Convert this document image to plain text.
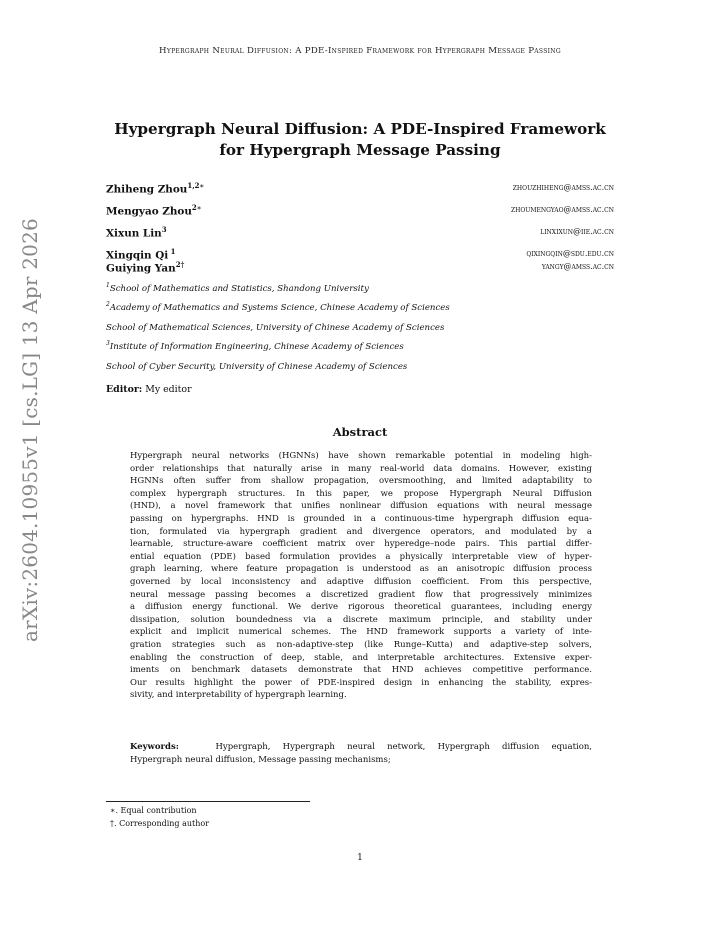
Hypergraph Neural Diffusion: A PDE-Inspired Framework for Hypergraph Message Passing
arXiv:2604.10955v1 [cs.LG] 13 Apr 2026
Hypergraph Neural Diffusion: A PDE-Inspired Framework
for Hypergraph Message Passing
Zhiheng Zhou$^{1,2∗}$	zhouzhiheng@amss.ac.cn
Mengyao Zhou$^{2∗}$	zhoumengyao@amss.ac.cn
Xixun Lin$^3$	linxixun@iie.ac.cn
Xingqin Qi $^1$	qixingqin@sdu.edu.cn
Guiying Yan$^{2\dagger}$	yangy@amss.ac.cn
$^1$School of Mathematics and Statistics, Shandong University
$^2$Academy of Mathematics and Systems Science, Chinese Academy of Sciences
School of Mathematical Sciences, University of Chinese Academy of Sciences
$^3$Institute of Information Engineering, Chinese Academy of Sciences
School of Cyber Security, University of Chinese Academy of Sciences
Editor: My editor
Abstract
Hypergraph neural networks (HGNNs) have shown remarkable potential in modeling high-
order relationships that naturally arise in many real-world data domains. However, existing
HGNNs often suffer from shallow propagation, oversmoothing, and limited adaptability to
complex hypergraph structures. In this paper, we propose Hypergraph Neural Diffusion
(HND), a novel framework that unifies nonlinear diffusion equations with neural message
passing on hypergraphs. HND is grounded in a continuous-time hypergraph diffusion equa-
tion, formulated via hypergraph gradient and divergence operators, and modulated by a
learnable, structure-aware coefficient matrix over hyperedge–node pairs. This partial differ-
ential equation (PDE) based formulation provides a physically interpretable view of hyper-
graph learning, where feature propagation is understood as an anisotropic diffusion process
governed by local inconsistency and adaptive diffusion coefficient. From this perspective,
neural message passing becomes a discretized gradient flow that progressively minimizes
a diffusion energy functional. We derive rigorous theoretical guarantees, including energy
dissipation, solution boundedness via a discrete maximum principle, and stability under
explicit and implicit numerical schemes. The HND framework supports a variety of inte-
gration strategies such as non-adaptive-step (like Runge–Kutta) and adaptive-step solvers,
enabling the construction of deep, stable, and interpretable architectures. Extensive exper-
iments on benchmark datasets demonstrate that HND achieves competitive performance.
Our results highlight the power of PDE-inspired design in enhancing the stability, expres-
sivity, and interpretability of hypergraph learning.
Keywords:	Hypergraph, Hypergraph neural network, Hypergraph diffusion equation,
Hypergraph neural diffusion, Message passing mechanisms;
∗. Equal contribution
†. Corresponding author
1
